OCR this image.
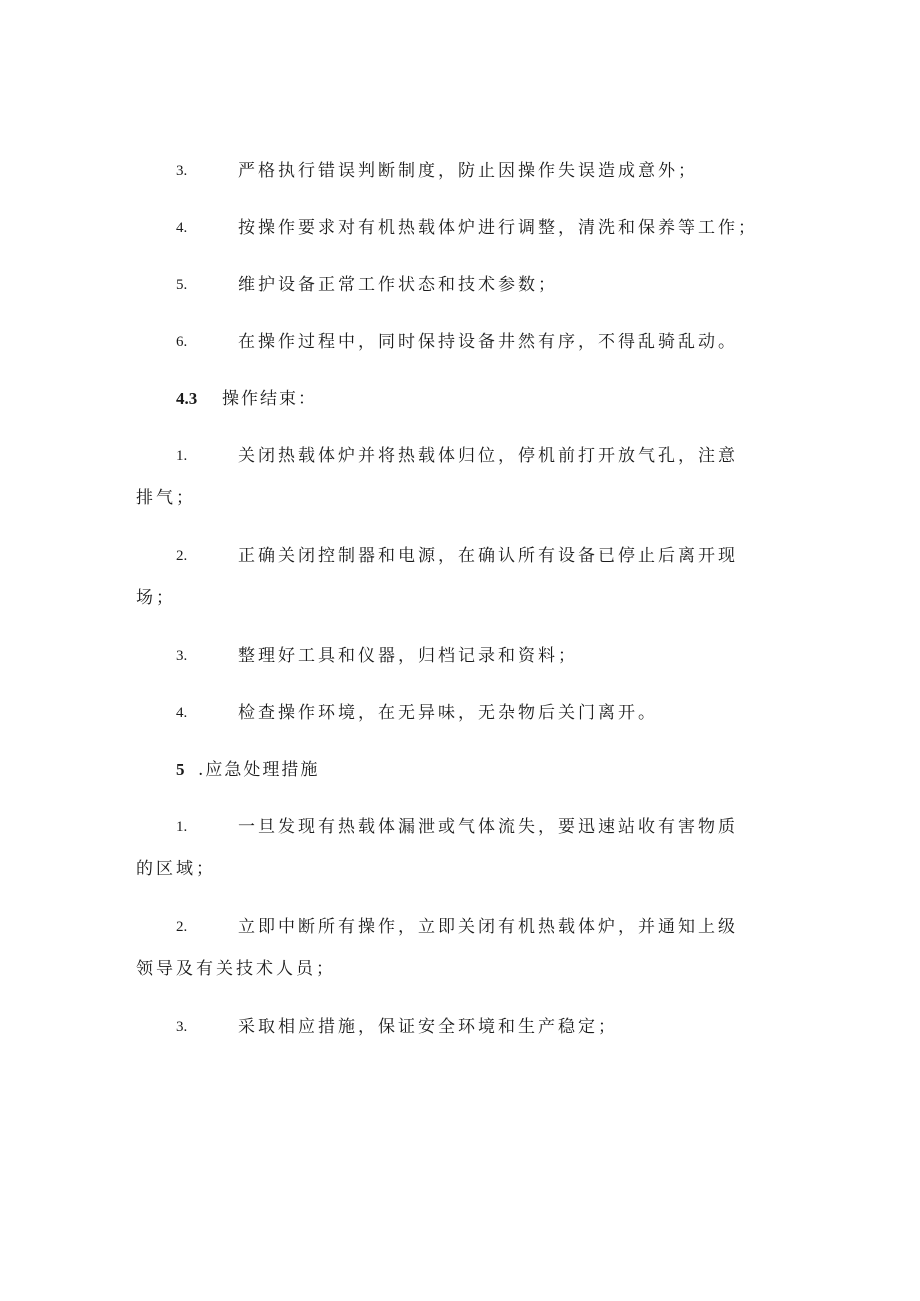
3.	严格执行错误判断制度，防止因操作失误造成意外；
4.	按操作要求对有机热载体炉进行调整，清洗和保养等工作；
5.	维护设备正常工作状态和技术参数；
6.	在操作过程中，同时保持设备井然有序，不得乱骑乱动。
4.3 操作结束：
1.	关闭热载体炉并将热载体归位，停机前打开放气孔，注意
排气；
2.	正确关闭控制器和电源，在确认所有设备已停止后离开现
场；
3.	整理好工具和仪器，归档记录和资料；
4.	检查操作环境，在无异味，无杂物后关门离开。
5 .应急处理措施
1.	一旦发现有热载体漏泄或气体流失，要迅速站收有害物质
的区域；
2.	立即中断所有操作，立即关闭有机热载体炉，并通知上级
领导及有关技术人员；
3.	采取相应措施，保证安全环境和生产稳定；
